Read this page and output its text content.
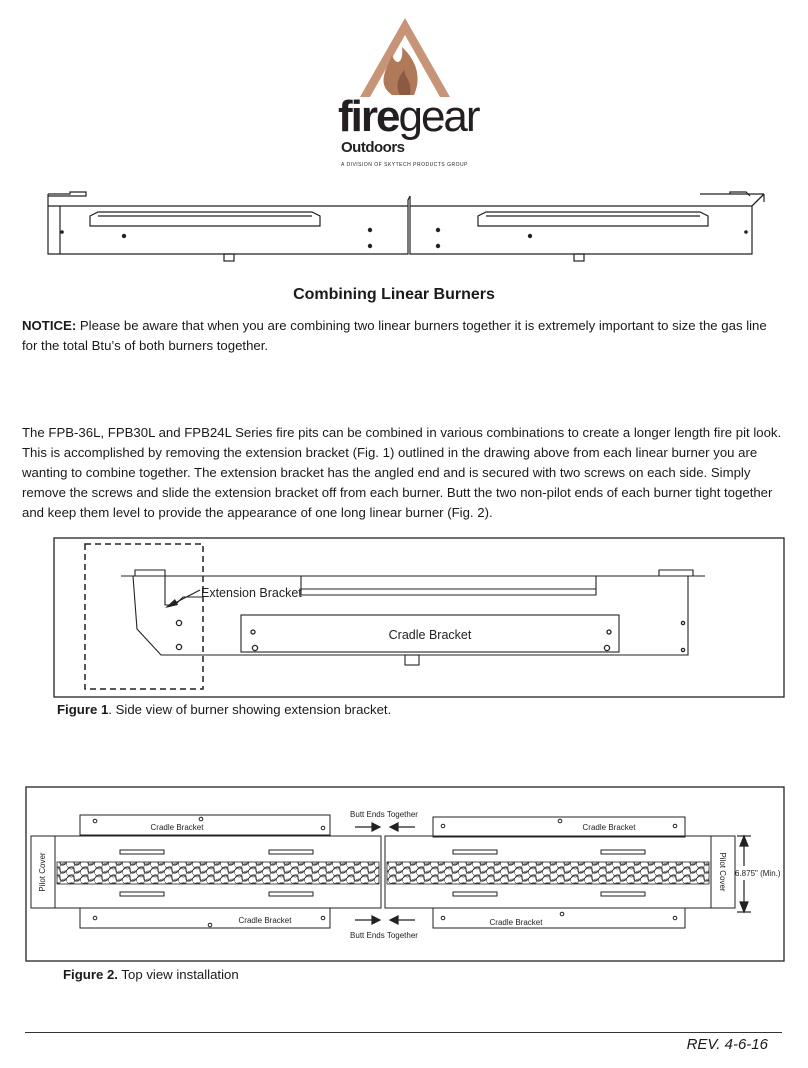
firegear
Outdoors
A DIVISION OF SKYTECH PRODUCTS GROUP
Combining Linear Burners

NOTICE: Please be aware that when you are combining two linear burners together it is extremely important to size the gas line for the total Btu’s of both burners together.

The FPB-36L, FPB30L and FPB24L Series fire pits can be combined in various combinations to create a longer length fire pit look. This is accomplished by removing the extension bracket (Fig. 1) outlined in the drawing above from each linear burner you are wanting to combine together. The extension bracket has the angled end and is secured with two screws on each side. Simply remove the screws and slide the extension bracket off from each burner. Butt the two non-pilot ends of each burner tight together and keep them level to provide the appearance of one long linear burner (Fig. 2).

Extension Bracket
Cradle Bracket
Figure 1. Side view of burner showing extension bracket.
Cradle Bracket
Cradle Bracket
Cradle Bracket
Cradle Bracket
Butt Ends Together
Butt Ends Together
6.875" (Min.)
Pilot Cover	Pilot Cover
Figure 2. Top view installation
REV. 4-6-16
